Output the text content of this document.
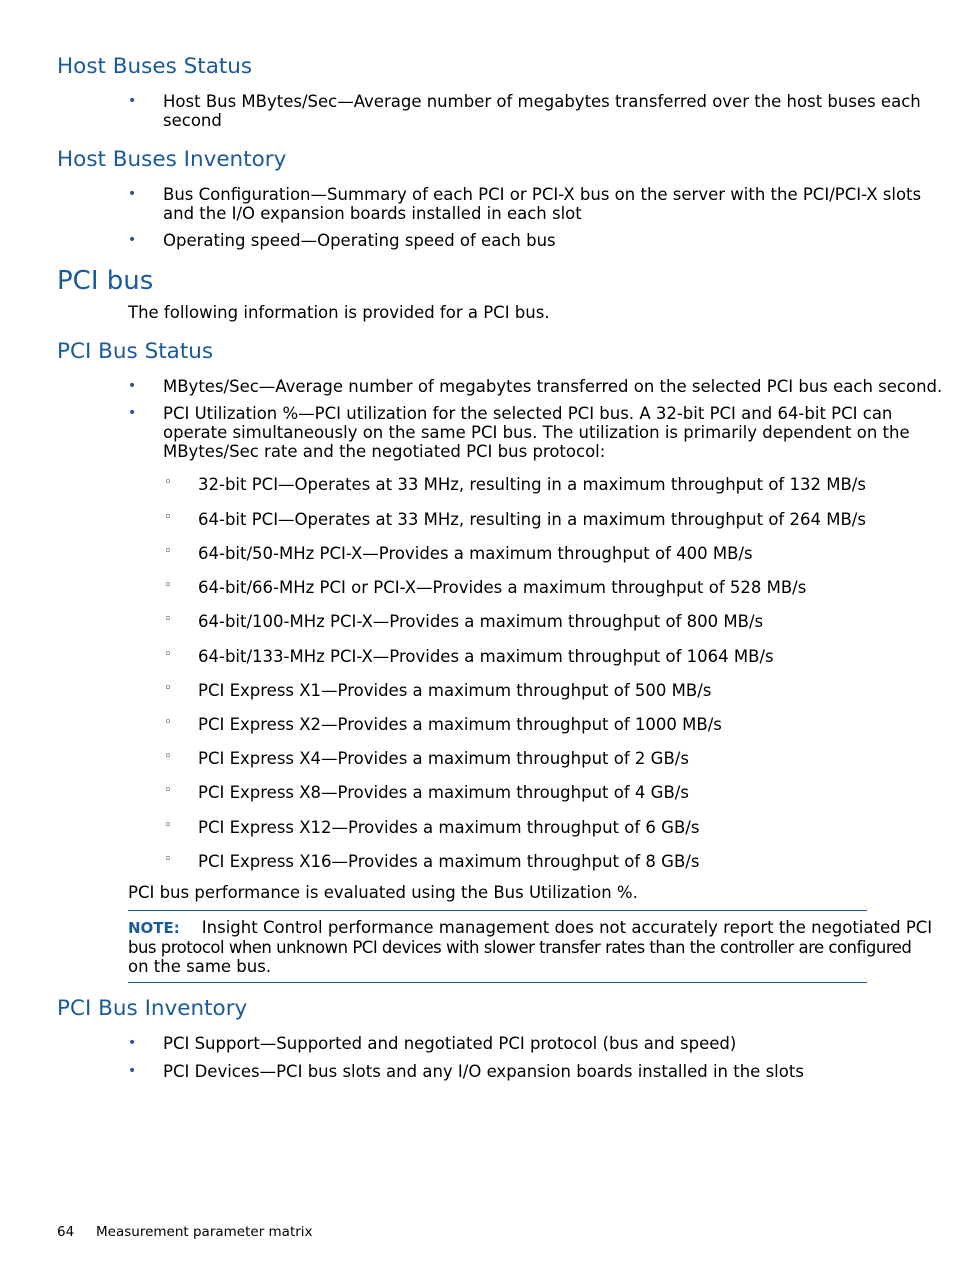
Host Buses Status
• Host Bus MBytes/Sec—Average number of megabytes transferred over the host buses each
second
Host Buses Inventory
• Bus Configuration—Summary of each PCI or PCI-X bus on the server with the PCI/PCI-X slots
and the I/O expansion boards installed in each slot
• Operating speed—Operating speed of each bus
PCI bus
The following information is provided for a PCI bus.
PCI Bus Status
• MBytes/Sec—Average number of megabytes transferred on the selected PCI bus each second.
• PCI Utilization %—PCI utilization for the selected PCI bus. A 32-bit PCI and 64-bit PCI can
operate simultaneously on the same PCI bus. The utilization is primarily dependent on the
MBytes/Sec rate and the negotiated PCI bus protocol:
◦ 32-bit PCI—Operates at 33 MHz, resulting in a maximum throughput of 132 MB/s
◦ 64-bit PCI—Operates at 33 MHz, resulting in a maximum throughput of 264 MB/s
◦ 64-bit/50-MHz PCI-X—Provides a maximum throughput of 400 MB/s
◦ 64-bit/66-MHz PCI or PCI-X—Provides a maximum throughput of 528 MB/s
◦ 64-bit/100-MHz PCI-X—Provides a maximum throughput of 800 MB/s
◦ 64-bit/133-MHz PCI-X—Provides a maximum throughput of 1064 MB/s
◦ PCI Express X1—Provides a maximum throughput of 500 MB/s
◦ PCI Express X2—Provides a maximum throughput of 1000 MB/s
◦ PCI Express X4—Provides a maximum throughput of 2 GB/s
◦ PCI Express X8—Provides a maximum throughput of 4 GB/s
◦ PCI Express X12—Provides a maximum throughput of 6 GB/s
◦ PCI Express X16—Provides a maximum throughput of 8 GB/s
PCI bus performance is evaluated using the Bus Utilization %.
NOTE: Insight Control performance management does not accurately report the negotiated PCI
bus protocol when unknown PCI devices with slower transfer rates than the controller are configured
on the same bus.
PCI Bus Inventory
• PCI Support—Supported and negotiated PCI protocol (bus and speed)
• PCI Devices—PCI bus slots and any I/O expansion boards installed in the slots
64 Measurement parameter matrix
